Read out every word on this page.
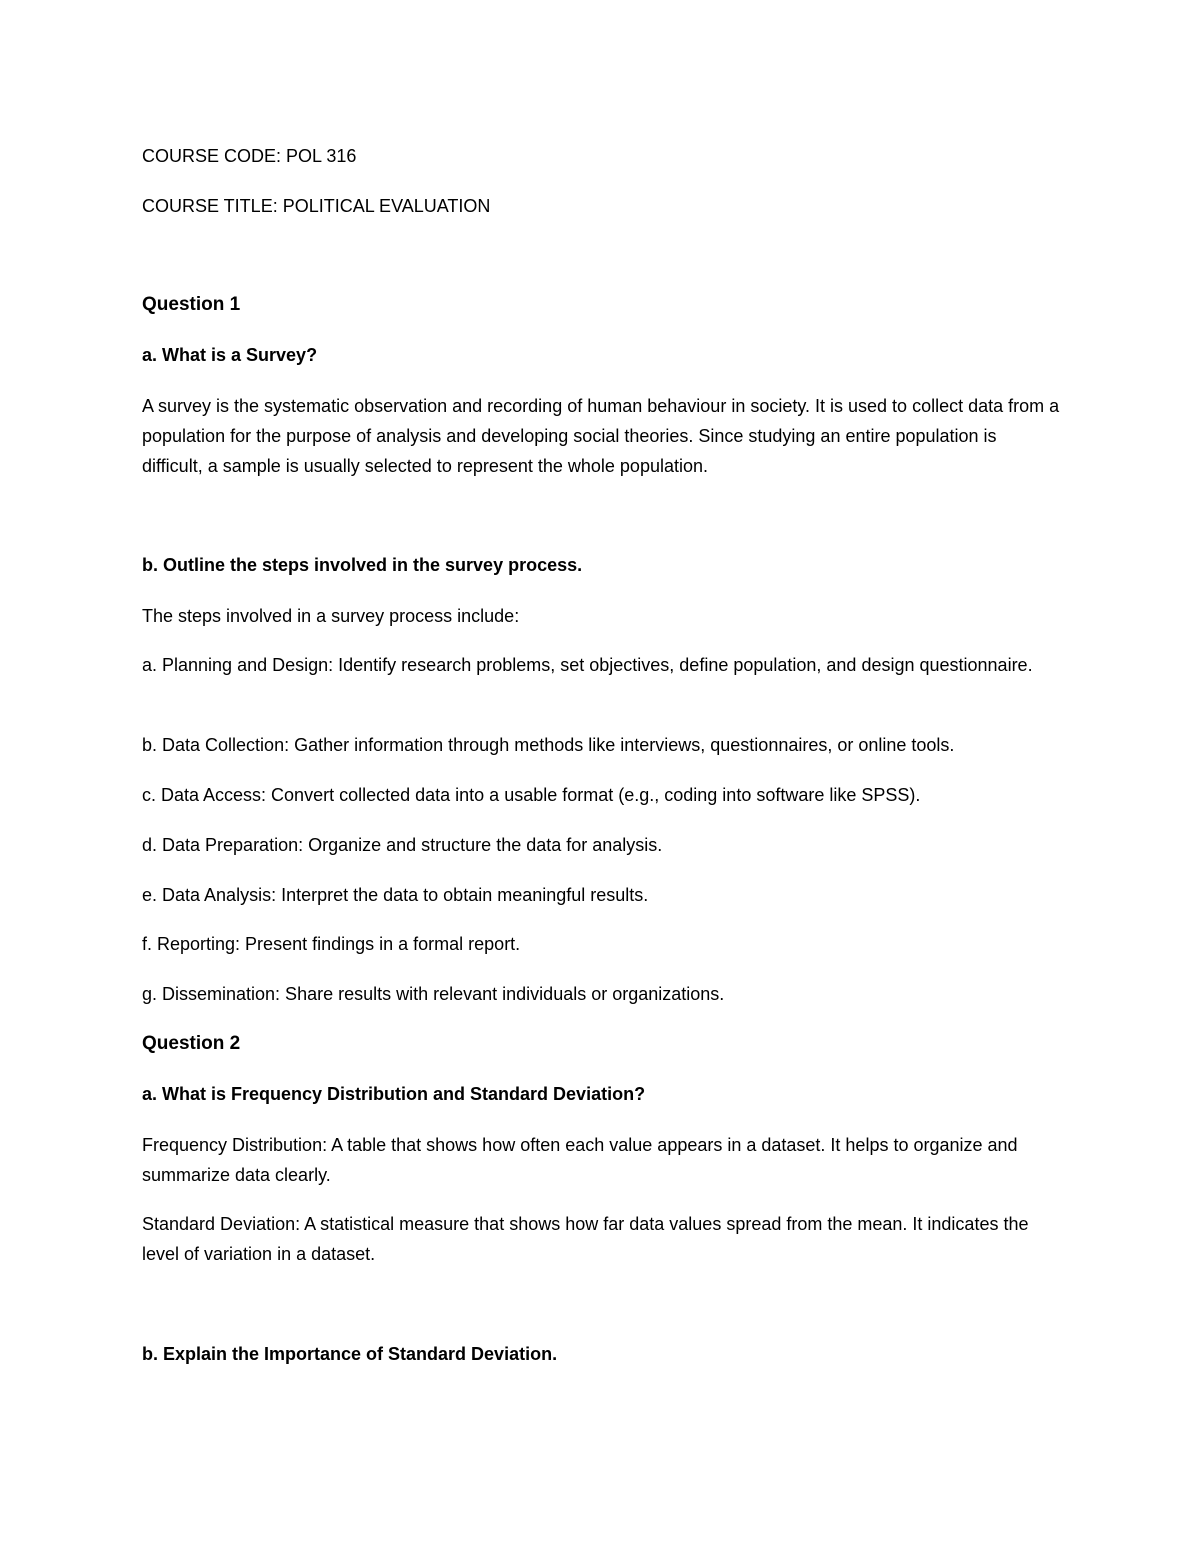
COURSE CODE: POL 316

COURSE TITLE: POLITICAL EVALUATION

Question 1

a. What is a Survey?

A survey is the systematic observation and recording of human behaviour in society. It is used to collect data from a population for the purpose of analysis and developing social theories. Since studying an entire population is difficult, a sample is usually selected to represent the whole population.

b. Outline the steps involved in the survey process.

The steps involved in a survey process include:

a. Planning and Design: Identify research problems, set objectives, define population, and design questionnaire.

b. Data Collection: Gather information through methods like interviews, questionnaires, or online tools.

c. Data Access: Convert collected data into a usable format (e.g., coding into software like SPSS).

d. Data Preparation: Organize and structure the data for analysis.

e. Data Analysis: Interpret the data to obtain meaningful results.

f. Reporting: Present findings in a formal report.

g. Dissemination: Share results with relevant individuals or organizations.

Question 2

a. What is Frequency Distribution and Standard Deviation?

Frequency Distribution: A table that shows how often each value appears in a dataset. It helps to organize and summarize data clearly.

Standard Deviation: A statistical measure that shows how far data values spread from the mean. It indicates the level of variation in a dataset.

b. Explain the Importance of Standard Deviation.
